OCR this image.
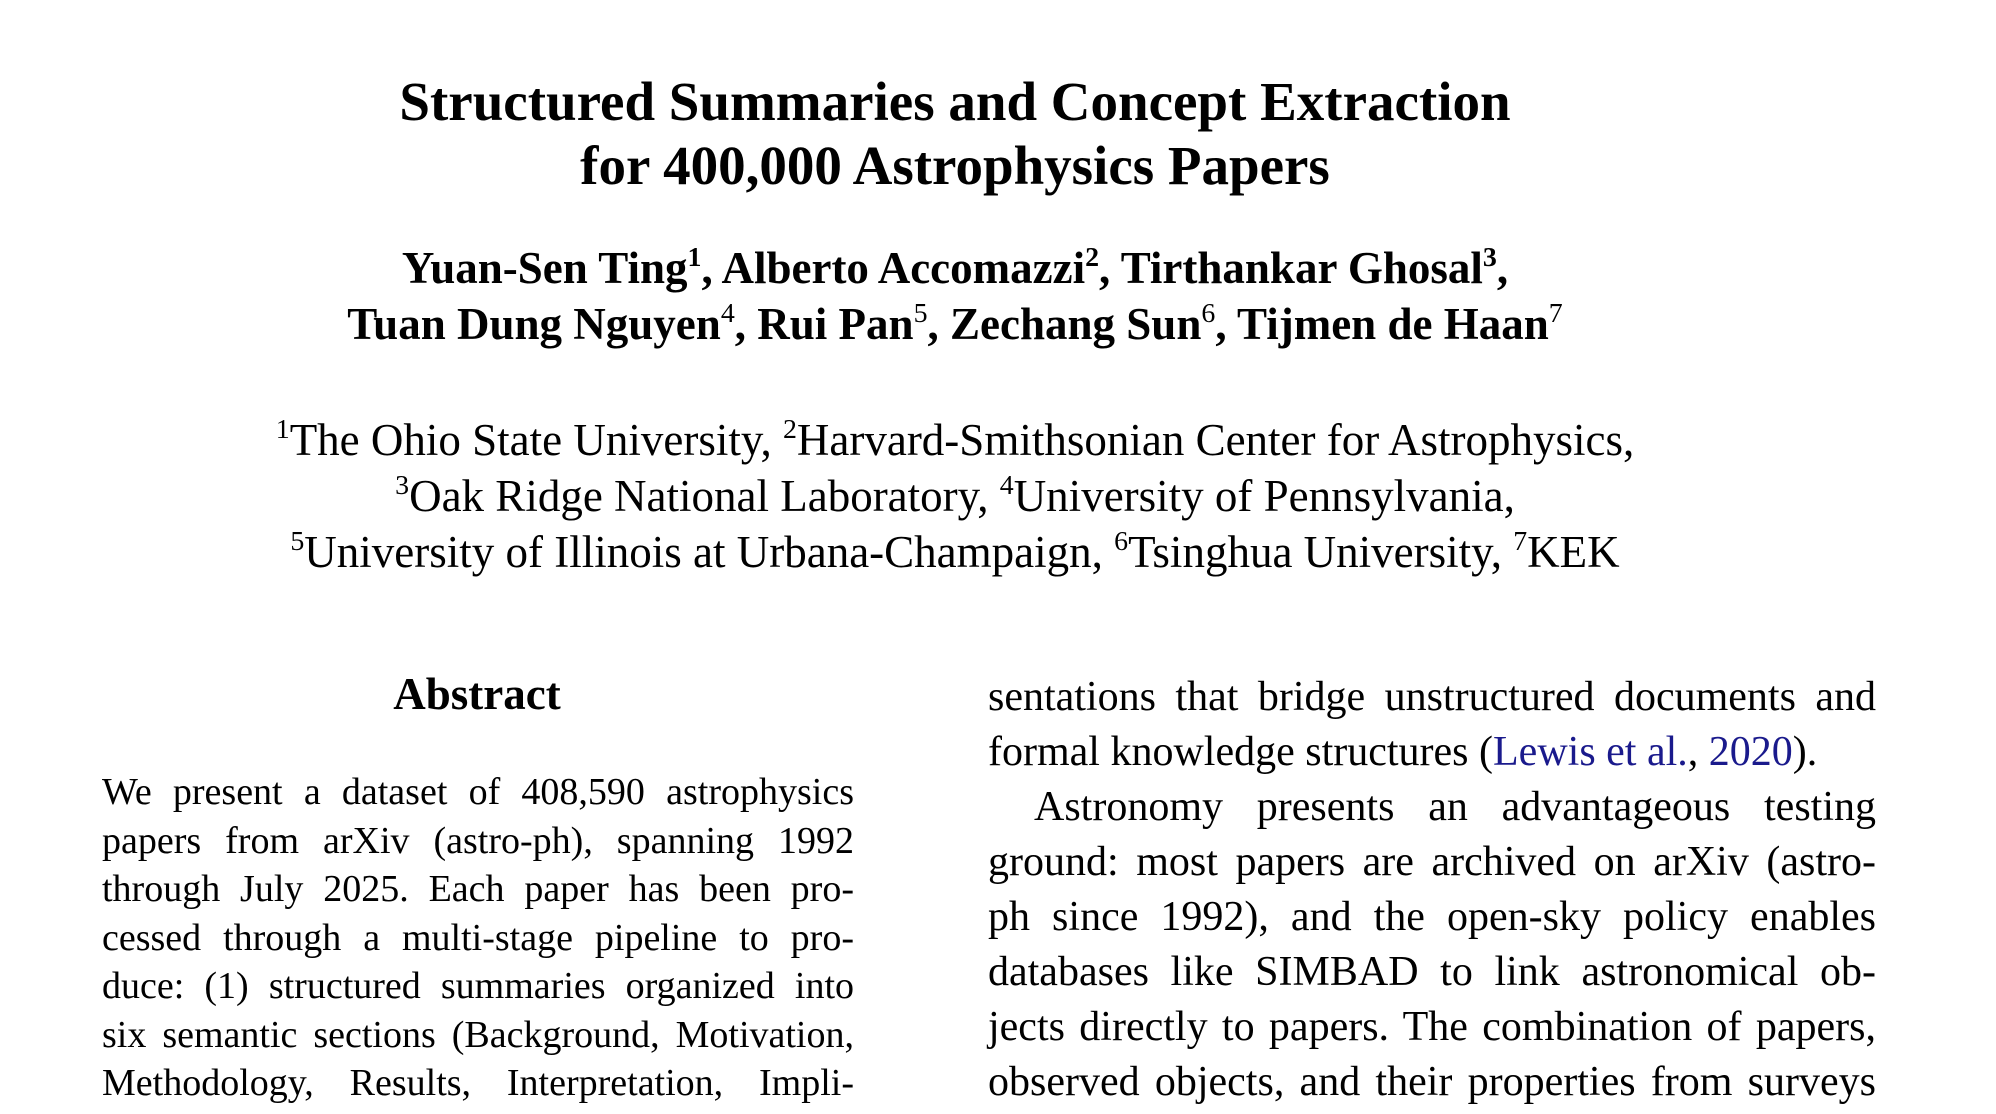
Structured Summaries and Concept Extraction
for 400,000 Astrophysics Papers
Yuan-Sen Ting$^1$, Alberto Accomazzi$^2$, Tirthankar Ghosal$^3$,
Tuan Dung Nguyen$^4$, Rui Pan$^5$, Zechang Sun$^6$, Tijmen de Haan$^7$
$^1$The Ohio State University, $^2$Harvard-Smithsonian Center for Astrophysics,
$^3$Oak Ridge National Laboratory, $^4$University of Pennsylvania,
$^5$University of Illinois at Urbana-Champaign, $^6$Tsinghua University, $^7$KEK
Abstract
We present a dataset of 408,590 astrophysics
papers from arXiv (astro-ph), spanning 1992
through July 2025. Each paper has been pro-
cessed through a multi-stage pipeline to pro-
duce: (1) structured summaries organized into
six semantic sections (Background, Motivation,
Methodology, Results, Interpretation, Impli-
sentations that bridge unstructured documents and
formal knowledge structures (Lewis et al., 2020).
Astronomy presents an advantageous testing
ground: most papers are archived on arXiv (astro-
ph since 1992), and the open-sky policy enables
databases like SIMBAD to link astronomical ob-
jects directly to papers. The combination of papers,
observed objects, and their properties from surveys
